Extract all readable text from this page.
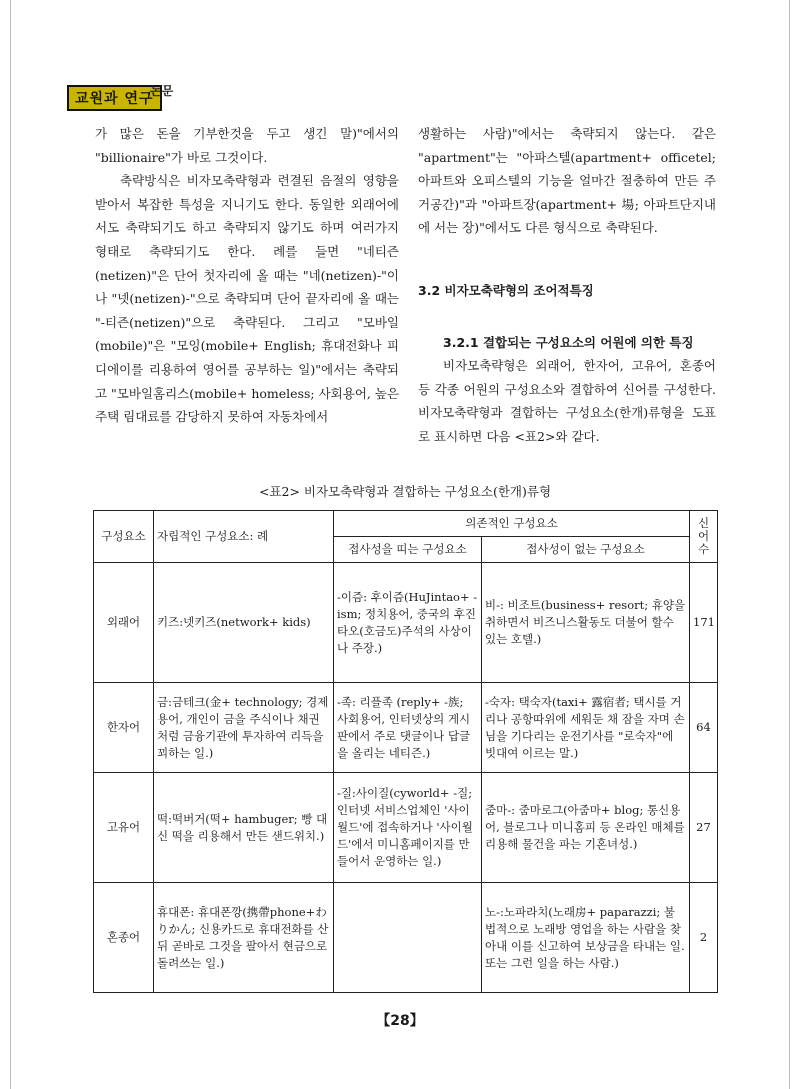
교원과 연구
논문

가 많은 돈을 기부한것을 두고 생긴 말)"에서의 "billionaire"가 바로 그것이다.

축략방식은 비자모축략형과 련결된 음절의 영향을 받아서 복잡한 특성을 지니기도 한다. 동일한 외래어에서도 축략되기도 하고 축략되지 않기도 하며 여러가지 형태로 축략되기도 한다. 례를 들면 "네티즌(netizen)"은 단어 첫자리에 올 때는 "네(netizen)-"이나 "넷(netizen)-"으로 축략되며 단어 끝자리에 올 때는 "-티즌(netizen)"으로 축략된다. 그리고 "모바일(mobile)"은 "모잉(mobile+ English; 휴대전화나 피디에이를 리용하여 영어를 공부하는 일)"에서는 축략되고 "모바일홈리스(mobile+ homeless; 사회용어, 높은 주택 림대료를 감당하지 못하여 자동차에서

생활하는 사람)"에서는 축략되지 않는다. 같은 "apartment"는 "아파스텔(apartment+ officetel; 아파트와 오피스텔의 기능을 얼마간 절충하여 만든 주거공간)"과 "아파트장(apartment+ 場; 아파트단지내에 서는 장)"에서도 다른 형식으로 축략된다.

3.2 비자모축략형의 조어적특징

3.2.1 결합되는 구성요소의 어원에 의한 특징

비자모축략형은 외래어, 한자어, 고유어, 혼종어 등 각종 어원의 구성요소와 결합하여 신어를 구성한다. 비자모축략형과 결합하는 구성요소(한개)류형을 도표로 표시하면 다음 <표2>와 같다.

<표2> 비자모축략형과 결합하는 구성요소(한개)류형
구성요소	자립적인 구성요소: 례	의존적인 구성요소		신
어
수
		접사성을 띠는 구성요소	접사성이 없는 구성요소	
외래어	키즈:넷키즈(network+ kids)	-이즘: 후이즘(HuJintao+ -ism; 정치용어, 중국의 후진타오(호금도)주석의 사상이나 주장.)	비-: 비조트(business+ resort; 휴양을 취하면서 비즈니스활동도 더불어 할수 있는 호텔.)	171
한자어	금:금테크(金+ technology; 경제용어, 개인이 금을 주식이나 채권처럼 금융기관에 투자하여 리득을 꾀하는 일.)	-족: 리플족 (reply+ -族; 사회용어, 인터넷상의 게시판에서 주로 댓글이나 답글을 올리는 네티즌.)	-숙자: 택숙자(taxi+ 露宿者; 택시를 거리나 공항따위에 세워둔 채 잠을 자며 손님을 기다리는 운전기사를 "로숙자"에 빗대여 이르는 말.)	64
고유어	떡:떡버거(떡+ hambuger; 빵 대신 떡을 리용해서 만든 샌드위치.)	-질:사이질(cyworld+ -질; 인터넷 서비스업체인 '사이월드'에 접속하거나 '사이월드'에서 미니홈페이지를 만들어서 운영하는 일.)	줌마-: 줌마로그(아줌마+ blog; 통신용어, 블로그나 미니홈피 등 온라인 매체를 리용해 물건을 파는 기혼녀성.)	27
혼종어	휴대폰: 휴대폰깡(携帶phone+わりかん; 신용카드로 휴대전화를 산뒤 곧바로 그것을 팔아서 현금으로 돌려쓰는 일.)		노-:노파라치(노래房+ paparazzi; 불법적으로 노래방 영업을 하는 사람을 찾아내 이를 신고하여 보상금을 타내는 일. 또는 그런 일을 하는 사람.)	2
【28】
